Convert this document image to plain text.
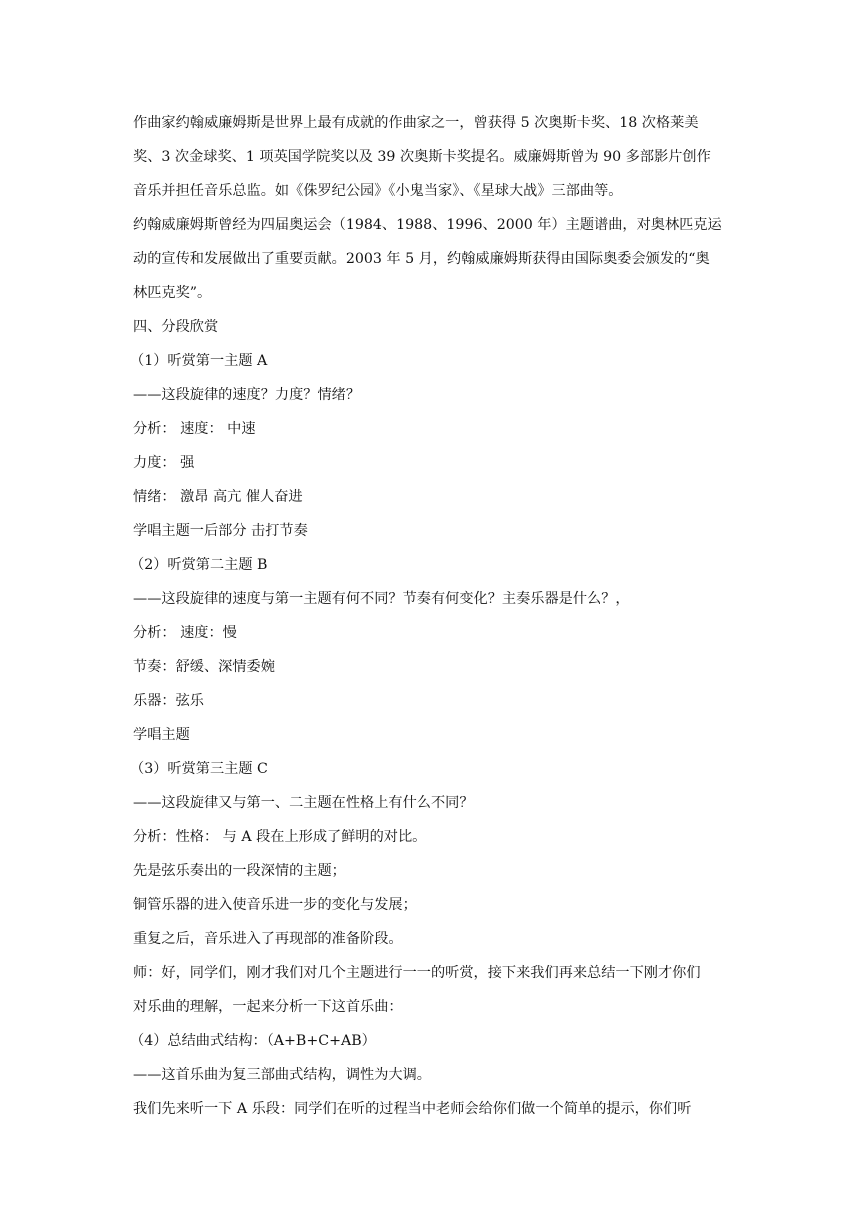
作曲家约翰威廉姆斯是世界上最有成就的作曲家之一，曾获得 5 次奥斯卡奖、18 次格莱美
奖、3 次金球奖、1 项英国学院奖以及 39 次奥斯卡奖提名。威廉姆斯曾为 90 多部影片创作
音乐并担任音乐总监。如《侏罗纪公园》《小鬼当家》、《星球大战》三部曲等。
约翰威廉姆斯曾经为四届奥运会（1984、1988、1996、2000 年）主题谱曲，对奥林匹克运
动的宣传和发展做出了重要贡献。2003 年 5 月，约翰威廉姆斯获得由国际奥委会颁发的“奥
林匹克奖”。
四、分段欣赏
（1）听赏第一主题 A
——这段旋律的速度？力度？情绪？
分析： 速度： 中速
力度： 强
情绪： 激昂 高亢 催人奋进
学唱主题一后部分 击打节奏
（2）听赏第二主题 B
——这段旋律的速度与第一主题有何不同？节奏有何变化？主奏乐器是什么？，
分析： 速度：慢
节奏：舒缓、深情委婉
乐器：弦乐
学唱主题
（3）听赏第三主题 C
——这段旋律又与第一、二主题在性格上有什么不同？
分析：性格： 与 A 段在上形成了鲜明的对比。
先是弦乐奏出的一段深情的主题；
铜管乐器的进入使音乐进一步的变化与发展；
重复之后，音乐进入了再现部的准备阶段。
师：好，同学们，刚才我们对几个主题进行一一的听赏，接下来我们再来总结一下刚才你们
对乐曲的理解，一起来分析一下这首乐曲：
（4）总结曲式结构：（A+B+C+AB）
——这首乐曲为复三部曲式结构，调性为大调。
我们先来听一下 A 乐段：同学们在听的过程当中老师会给你们做一个简单的提示，你们听
